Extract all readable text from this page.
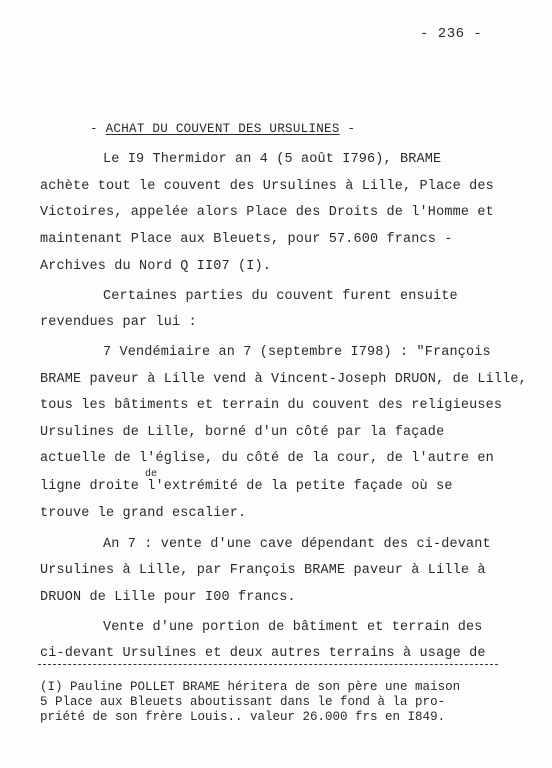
- 236 -
- ACHAT DU COUVENT DES URSULINES -
Le I9 Thermidor an 4 (5 août I796), BRAME
achète tout le couvent des Ursulines à Lille, Place des
Victoires, appelée alors Place des Droits de l'Homme et
maintenant Place aux Bleuets, pour 57.600 francs -
Archives du Nord Q II07 (I).
Certaines parties du couvent furent ensuite
revendues par lui :
7 Vendémiaire an 7 (septembre I798) : "François
BRAME paveur à Lille vend à Vincent-Joseph DRUON, de Lille,
tous les bâtiments et terrain du couvent des religieuses
Ursulines de Lille, borné d'un côté par la façade
actuelle de l'église, du côté de la cour, de l'autre en
de
ligne droite l'extrémité de la petite façade où se
trouve le grand escalier.
An 7 : vente d'une cave dépendant des ci-devant
Ursulines à Lille, par François BRAME paveur à Lille à
DRUON de Lille pour I00 francs.
Vente d'une portion de bâtiment et terrain des
ci-devant Ursulines et deux autres terrains à usage de
(I) Pauline POLLET BRAME héritera de son père une maison
5 Place aux Bleuets aboutissant dans le fond à la pro-
priété de son frère Louis.. valeur 26.000 frs en I849.
